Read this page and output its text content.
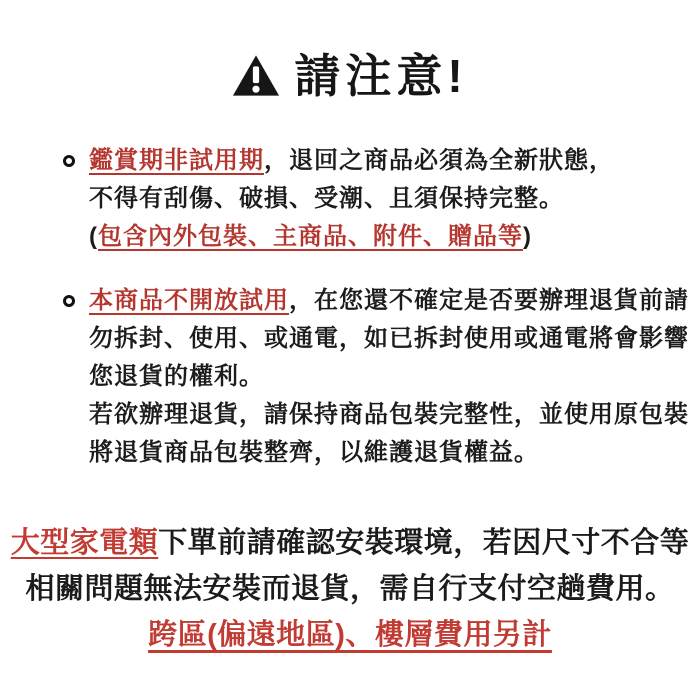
請注意!
鑑賞期非試用期，退回之商品必須為全新狀態，
不得有刮傷、破損、受潮、且須保持完整。
(包含內外包裝、主商品、附件、贈品等)
本商品不開放試用，在您還不確定是否要辦理退貨前請
勿拆封、使用、或通電，如已拆封使用或通電將會影響
您退貨的權利。
若欲辦理退貨，請保持商品包裝完整性，並使用原包裝
將退貨商品包裝整齊，以維護退貨權益。
大型家電類下單前請確認安裝環境，若因尺寸不合等
相關問題無法安裝而退貨，需自行支付空趟費用。
跨區(偏遠地區)、樓層費用另計
